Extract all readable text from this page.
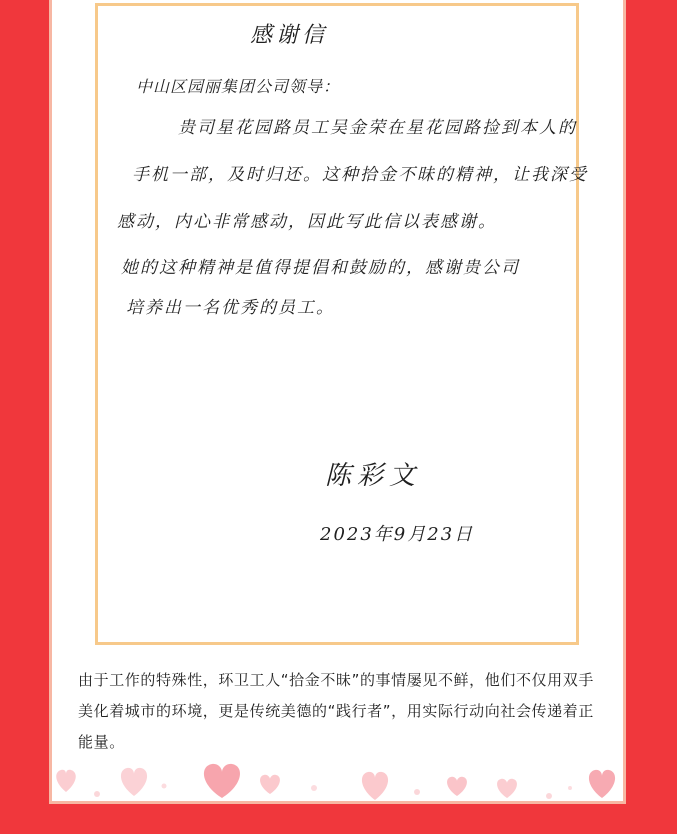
感谢信
中山区园丽集团公司领导：
贵司星花园路员工吴金荣在星花园路捡到本人的
手机一部，及时归还。这种拾金不昧的精神，让我深受
感动，内心非常感动，因此写此信以表感谢。
她的这种精神是值得提倡和鼓励的，感谢贵公司
培养出一名优秀的员工。
陈彩文
2023年9月23日
由于工作的特殊性，环卫工人“拾金不昧”的事情屡见不鲜，他们不仅用双手美化着城市的环境，更是传统美德的“践行者”，用实际行动向社会传递着正能量。
